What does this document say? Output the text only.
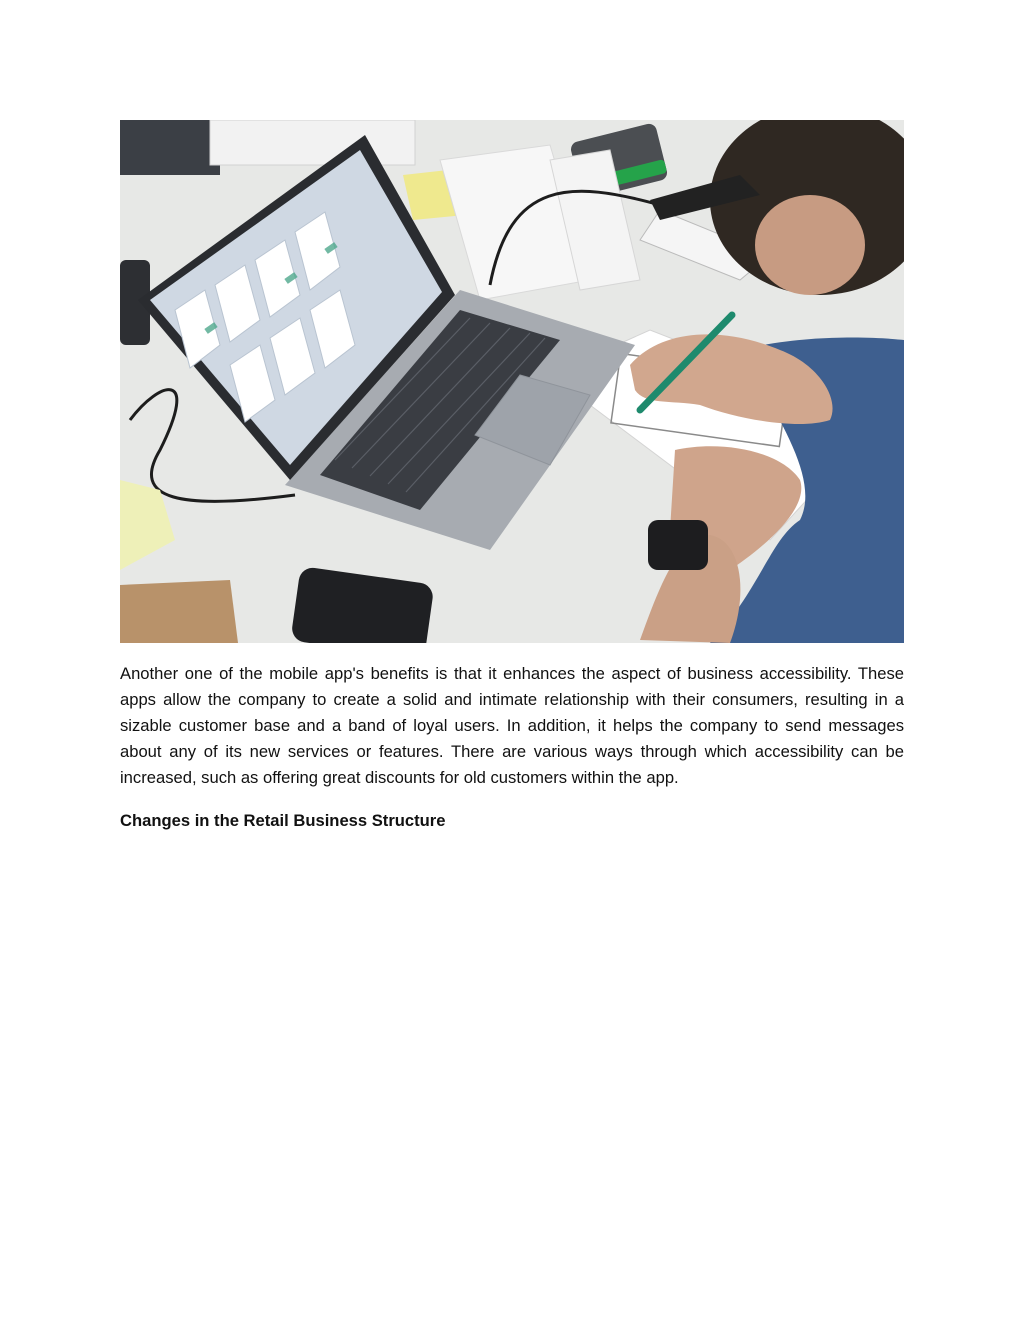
Another one of the mobile app's benefits is that it enhances the aspect of business accessibility. These apps allow the company to create a solid and intimate relationship with their consumers, resulting in a sizable customer base and a band of loyal users. In addition, it helps the company to send messages about any of its new services or features. There are various ways through which accessibility can be increased, such as offering great discounts for old customers within the app.

Changes in the Retail Business Structure
